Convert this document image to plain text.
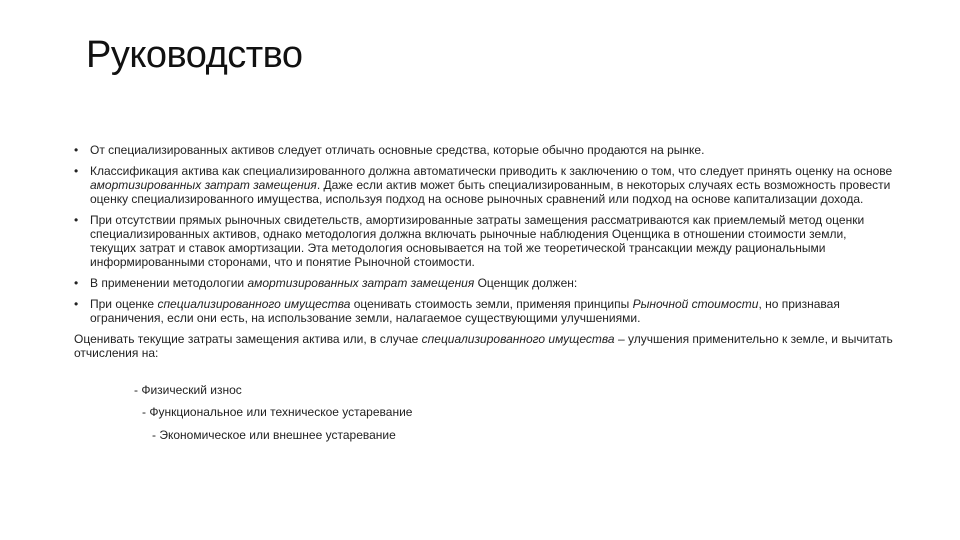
Руководство
• От специализированных активов следует отличать основные средства, которые обычно продаются на рынке.
• Классификация актива как специализированного должна автоматически приводить к заключению о том, что следует принять оценку на основе амортизированных затрат замещения. Даже если актив может быть специализированным, в некоторых случаях есть возможность провести оценку специализированного имущества, используя подход на основе рыночных сравнений или подход на основе капитализации дохода.
• При отсутствии прямых рыночных свидетельств, амортизированные затраты замещения рассматриваются как приемлемый метод оценки специализированных активов, однако методология должна включать рыночные наблюдения Оценщика в отношении стоимости земли, текущих затрат и ставок амортизации. Эта методология основывается на той же теоретической трансакции между рациональными информированными сторонами, что и понятие Рыночной стоимости.
• В применении методологии амортизированных затрат замещения Оценщик должен:
• При оценке специализированного имущества оценивать стоимость земли, применяя принципы Рыночной стоимости, но признавая ограничения, если они есть, на использование земли, налагаемое существующими улучшениями.
Оценивать текущие затраты замещения актива или, в случае специализированного имущества – улучшения применительно к земле, и вычитать отчисления на:
- Физический износ
- Функциональное или техническое устаревание
- Экономическое или внешнее устаревание
